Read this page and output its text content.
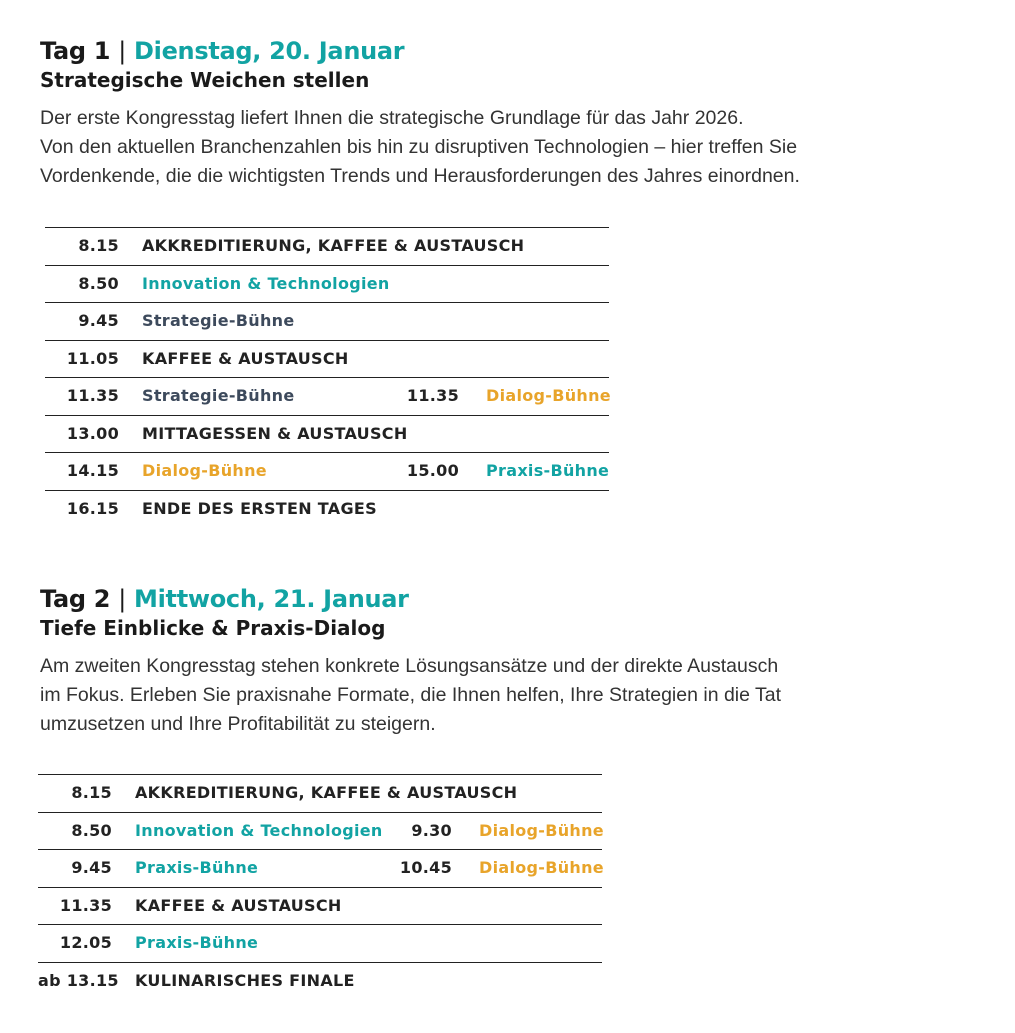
Tag 1 | Dienstag, 20. Januar
Strategische Weichen stellen

Der erste Kongresstag liefert Ihnen die strategische Grundlage für das Jahr 2026.
Von den aktuellen Branchenzahlen bis hin zu disruptiven Technologien – hier treffen Sie
Vordenkende, die die wichtigsten Trends und Herausforderungen des Jahres einordnen.

8.15 AKKREDITIERUNG, KAFFEE & AUSTAUSCH
8.50 Innovation & Technologien
9.45 Strategie-Bühne
11.05 KAFFEE & AUSTAUSCH
11.35 Strategie-Bühne	11.35 Dialog-Bühne
13.00 MITTAGESSEN & AUSTAUSCH
14.15 Dialog-Bühne	15.00 Praxis-Bühne
16.15 ENDE DES ERSTEN TAGES
Tag 2 | Mittwoch, 21. Januar
Tiefe Einblicke & Praxis-Dialog

Am zweiten Kongresstag stehen konkrete Lösungsansätze und der direkte Austausch
im Fokus. Erleben Sie praxisnahe Formate, die Ihnen helfen, Ihre Strategien in die Tat
umzusetzen und Ihre Profitabilität zu steigern.

8.15 AKKREDITIERUNG, KAFFEE & AUSTAUSCH
8.50 Innovation & Technologien	9.30 Dialog-Bühne
9.45 Praxis-Bühne	10.45 Dialog-Bühne
11.35 KAFFEE & AUSTAUSCH
12.05 Praxis-Bühne
ab 13.15 KULINARISCHES FINALE
